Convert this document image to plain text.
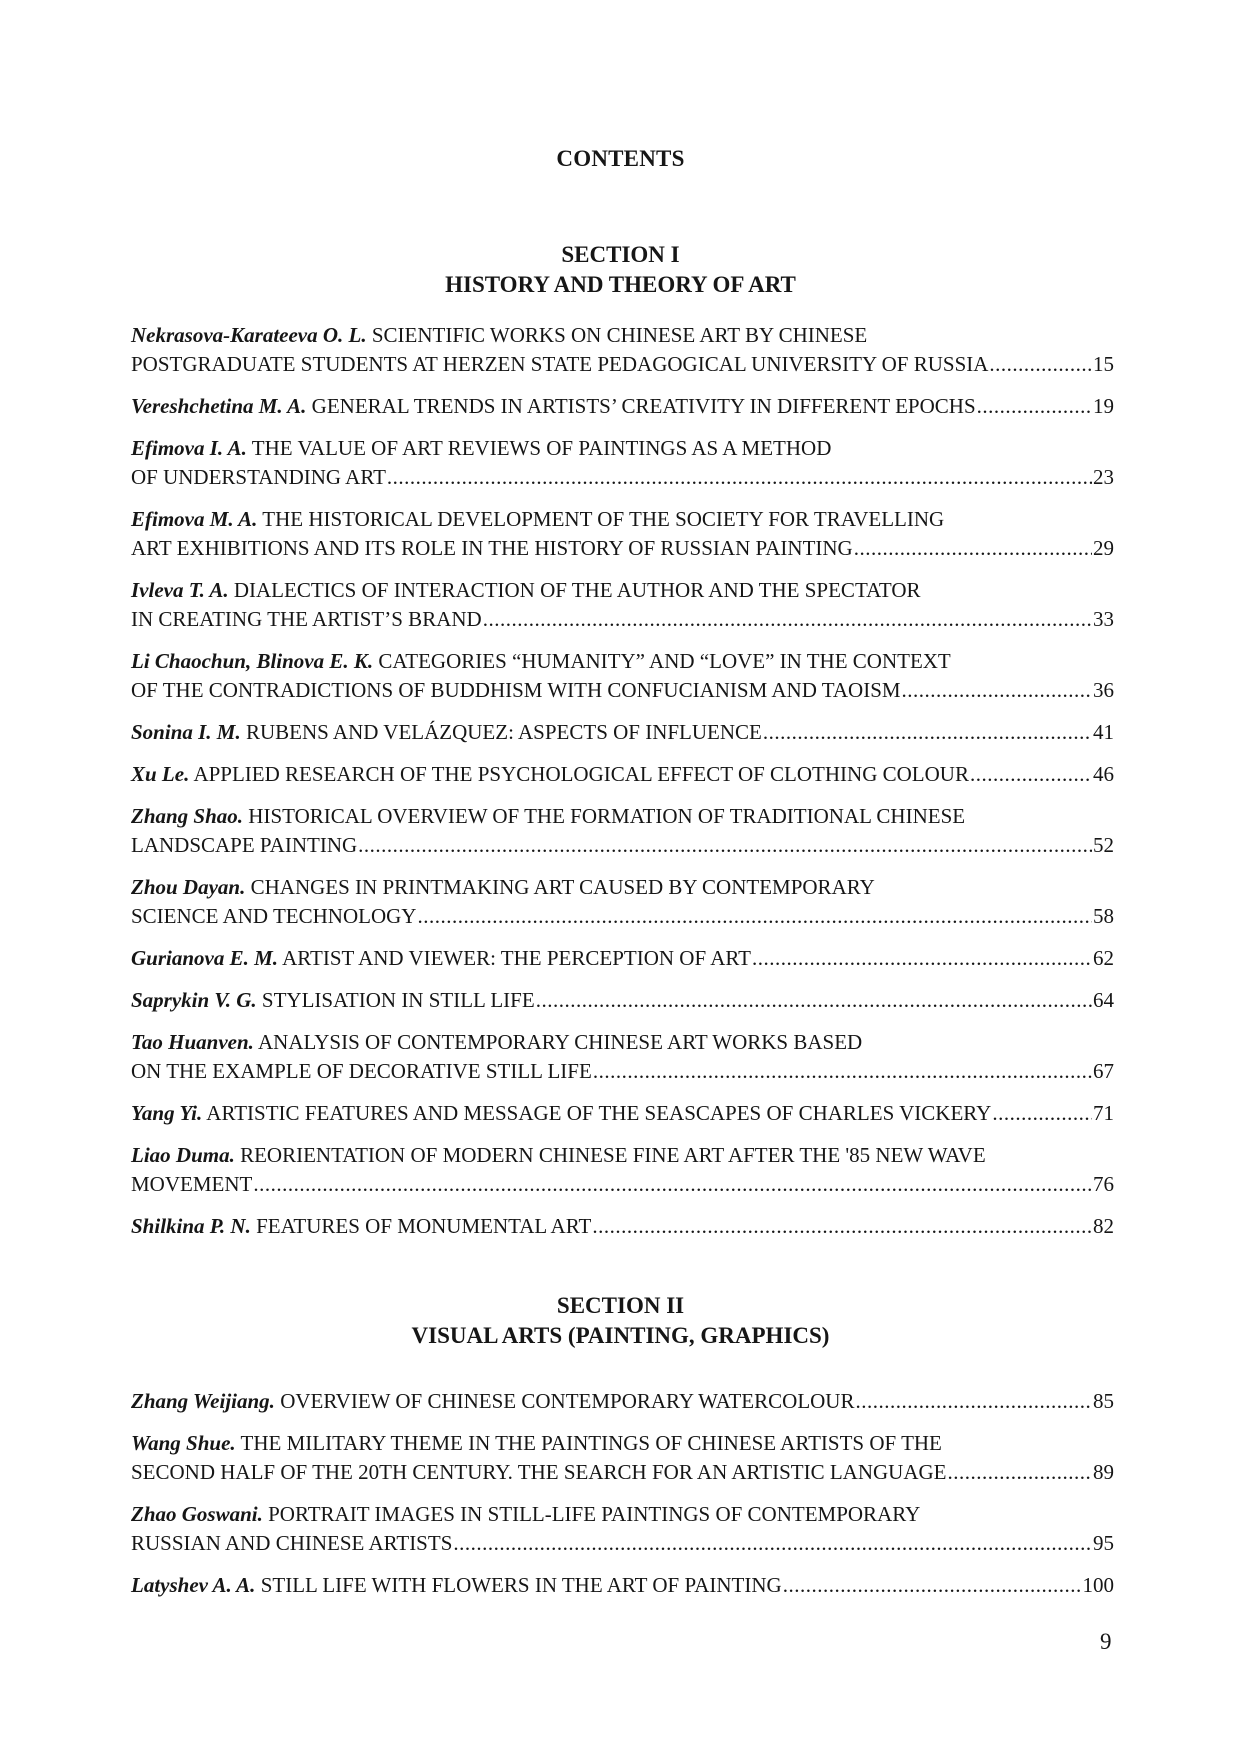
CONTENTS
SECTION I
HISTORY AND THEORY OF ART
Nekrasova-Karateeva O. L. SCIENTIFIC WORKS ON CHINESE ART BY CHINESE
POSTGRADUATE STUDENTS AT HERZEN STATE PEDAGOGICAL UNIVERSITY OF RUSSIA .....	15
Vereshchetina M. A. GENERAL TRENDS IN ARTISTS’ CREATIVITY IN DIFFERENT EPOCHS .....	19
Efimova I. A. THE VALUE OF ART REVIEWS OF PAINTINGS AS A METHOD
OF UNDERSTANDING ART .....	23
Efimova M. A. THE HISTORICAL DEVELOPMENT OF THE SOCIETY FOR TRAVELLING
ART EXHIBITIONS AND ITS ROLE IN THE HISTORY OF RUSSIAN PAINTING .....	29
Ivleva T. A. DIALECTICS OF INTERACTION OF THE AUTHOR AND THE SPECTATOR
IN CREATING THE ARTIST’S BRAND .....	33
Li Chaochun, Blinova E. K. CATEGORIES “HUMANITY” AND “LOVE” IN THE CONTEXT
OF THE CONTRADICTIONS OF BUDDHISM WITH CONFUCIANISM AND TAOISM .....	36
Sonina I. M. RUBENS AND VELÁZQUEZ: ASPECTS OF INFLUENCE .....	41
Xu Le. APPLIED RESEARCH OF THE PSYCHOLOGICAL EFFECT OF CLOTHING COLOUR .....	46
Zhang Shao. HISTORICAL OVERVIEW OF THE FORMATION OF TRADITIONAL CHINESE
LANDSCAPE PAINTING .....	52
Zhou Dayan. CHANGES IN PRINTMAKING ART CAUSED BY CONTEMPORARY
SCIENCE AND TECHNOLOGY .....	58
Gurianova E. M. ARTIST AND VIEWER: THE PERCEPTION OF ART .....	62
Saprykin V. G. STYLISATION IN STILL LIFE .....	64
Tao Huanven. ANALYSIS OF CONTEMPORARY CHINESE ART WORKS BASED
ON THE EXAMPLE OF DECORATIVE STILL LIFE .....	67
Yang Yi. ARTISTIC FEATURES AND MESSAGE OF THE SEASCAPES OF CHARLES VICKERY .....	71
Liao Duma. REORIENTATION OF MODERN CHINESE FINE ART AFTER THE '85 NEW WAVE
MOVEMENT .....	76
Shilkina P. N. FEATURES OF MONUMENTAL ART .....	82
SECTION II
VISUAL ARTS (PAINTING, GRAPHICS)
Zhang Weijiang. OVERVIEW OF CHINESE CONTEMPORARY WATERCOLOUR .....	85
Wang Shue. THE MILITARY THEME IN THE PAINTINGS OF CHINESE ARTISTS OF THE
SECOND HALF OF THE 20TH CENTURY. THE SEARCH FOR AN ARTISTIC LANGUAGE .....	89
Zhao Goswani. PORTRAIT IMAGES IN STILL-LIFE PAINTINGS OF CONTEMPORARY
RUSSIAN AND CHINESE ARTISTS .....	95
Latyshev A. A. STILL LIFE WITH FLOWERS IN THE ART OF PAINTING .....	100
9
